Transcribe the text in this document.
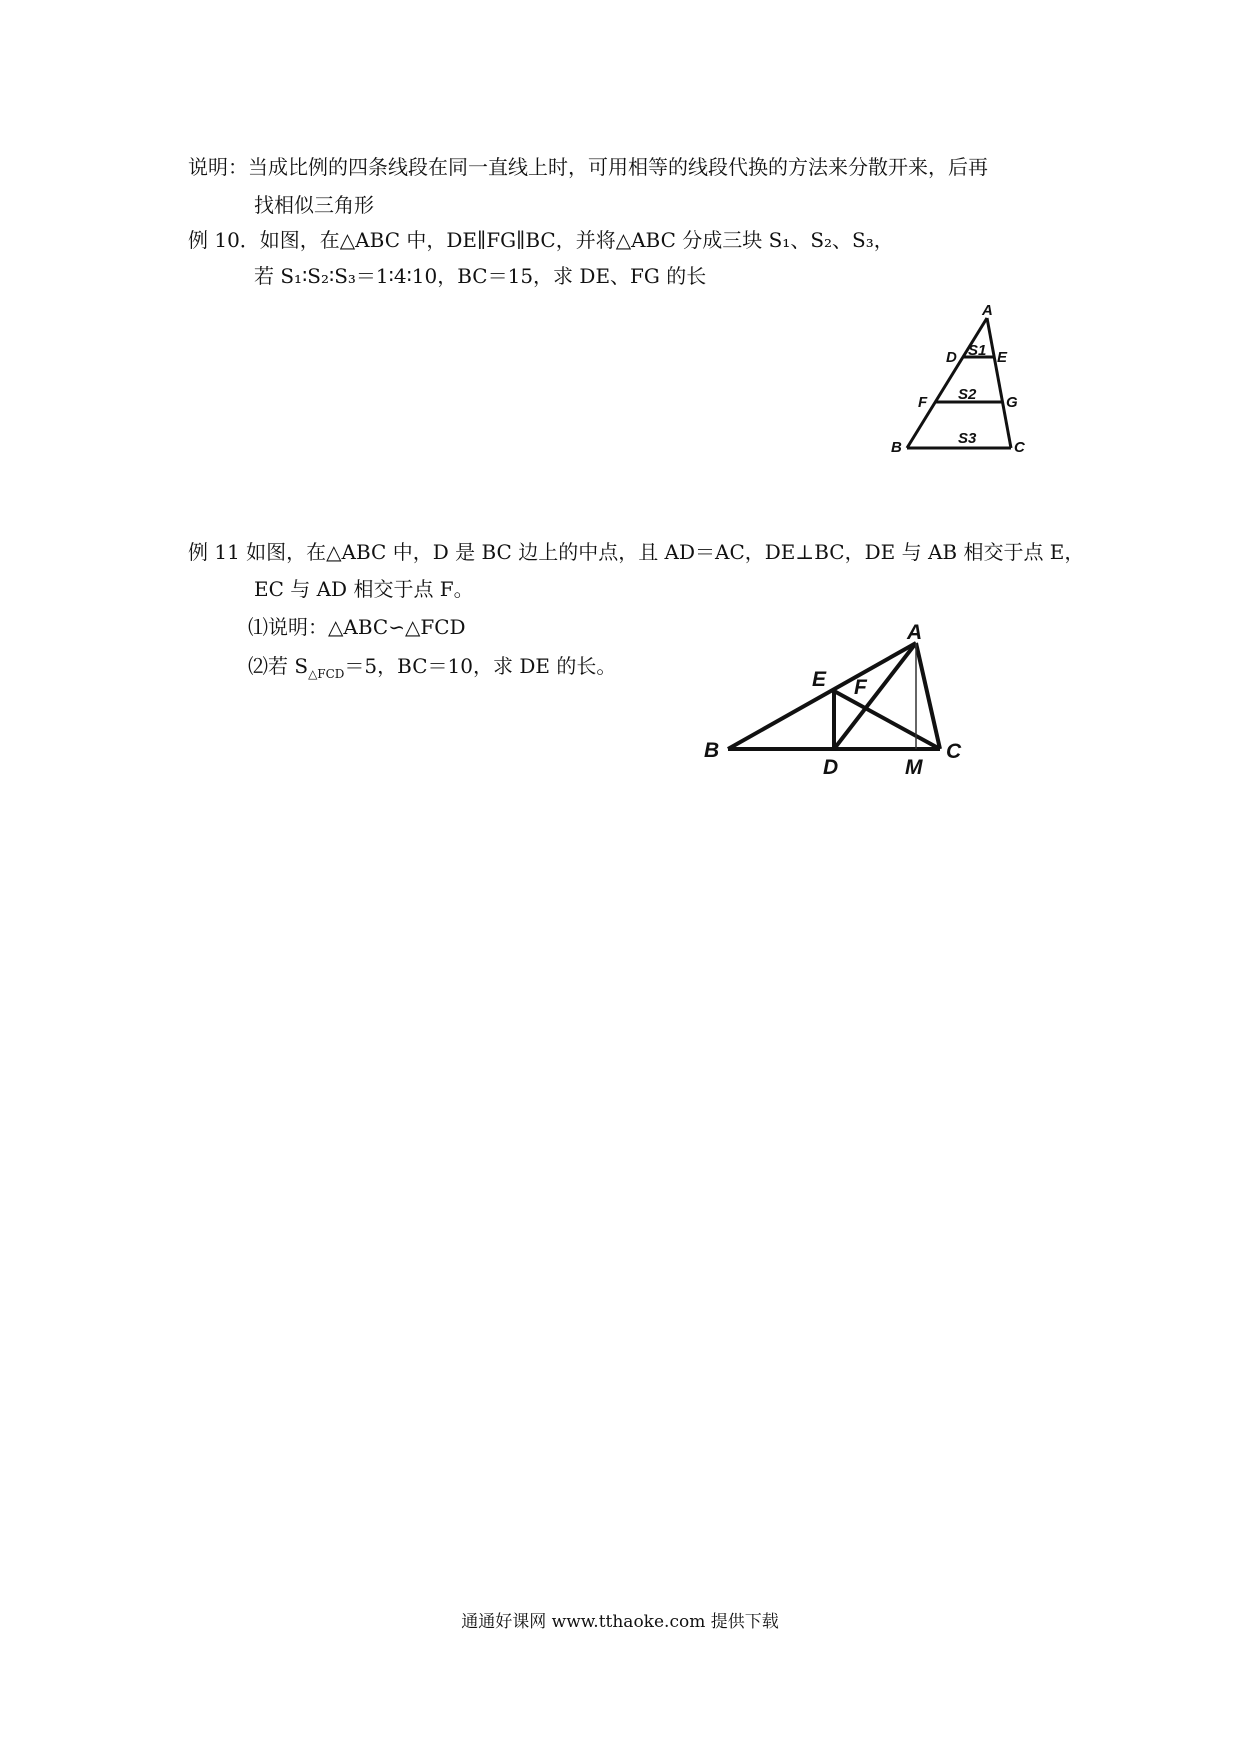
说明：当成比例的四条线段在同一直线上时，可用相等的线段代换的方法来分散开来，后再
找相似三角形
例 10．如图，在△ABC 中，DE∥FG∥BC，并将△ABC 分成三块 S₁、S₂、S₃，
若 S₁∶S₂∶S₃＝1∶4∶10，BC＝15，求 DE、FG 的长
A
D	E
S1
F S2 G
B
S3
C
例 11 如图，在△ABC 中，D 是 BC 边上的中点，且 AD＝AC，DE⊥BC，DE 与 AB 相交于点 E，
EC 与 AD 相交于点 F。
⑴说明：△ABC∽△FCD
⑵若 $S_{\triangle FCD}=5$，BC＝10，求 DE 的长。
A
E F
B
D	M
C
通通好课网 www.tthaoke.com 提供下载
